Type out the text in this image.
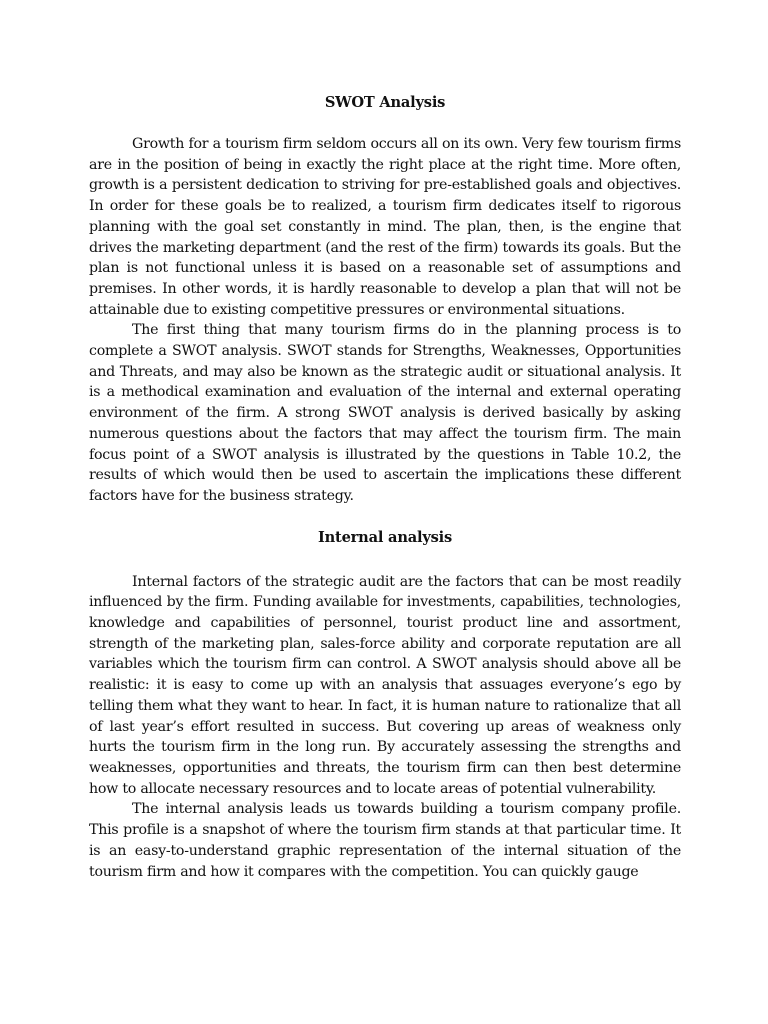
SWOT Analysis

Growth for a tourism firm seldom occurs all on its own. Very few tourism firms are in the position of being in exactly the right place at the right time. More often, growth is a persistent dedication to striving for pre-established goals and objectives. In order for these goals be to realized, a tourism firm dedicates itself to rigorous planning with the goal set constantly in mind. The plan, then, is the engine that drives the marketing department (and the rest of the firm) towards its goals. But the plan is not functional unless it is based on a reasonable set of assumptions and premises. In other words, it is hardly reasonable to develop a plan that will not be attainable due to existing competitive pressures or environmental situations.

The first thing that many tourism firms do in the planning process is to complete a SWOT analysis. SWOT stands for Strengths, Weaknesses, Opportunities and Threats, and may also be known as the strategic audit or situational analysis. It is a methodical examination and evaluation of the internal and external operating environment of the firm. A strong SWOT analysis is derived basically by asking numerous questions about the factors that may affect the tourism firm. The main focus point of a SWOT analysis is illustrated by the questions in Table 10.2, the results of which would then be used to ascertain the implications these different factors have for the business strategy.

Internal analysis

Internal factors of the strategic audit are the factors that can be most readily influenced by the firm. Funding available for investments, capabilities, technologies, knowledge and capabilities of personnel, tourist product line and assortment, strength of the marketing plan, sales-force ability and corporate reputation are all variables which the tourism firm can control. A SWOT analysis should above all be realistic: it is easy to come up with an analysis that assuages everyone’s ego by telling them what they want to hear. In fact, it is human nature to rationalize that all of last year’s effort resulted in success. But covering up areas of weakness only hurts the tourism firm in the long run. By accurately assessing the strengths and weaknesses, opportunities and threats, the tourism firm can then best determine how to allocate necessary resources and to locate areas of potential vulnerability.

The internal analysis leads us towards building a tourism company profile. This profile is a snapshot of where the tourism firm stands at that particular time. It is an easy-to-understand graphic representation of the internal situation of the tourism firm and how it compares with the competition. You can quickly gauge
